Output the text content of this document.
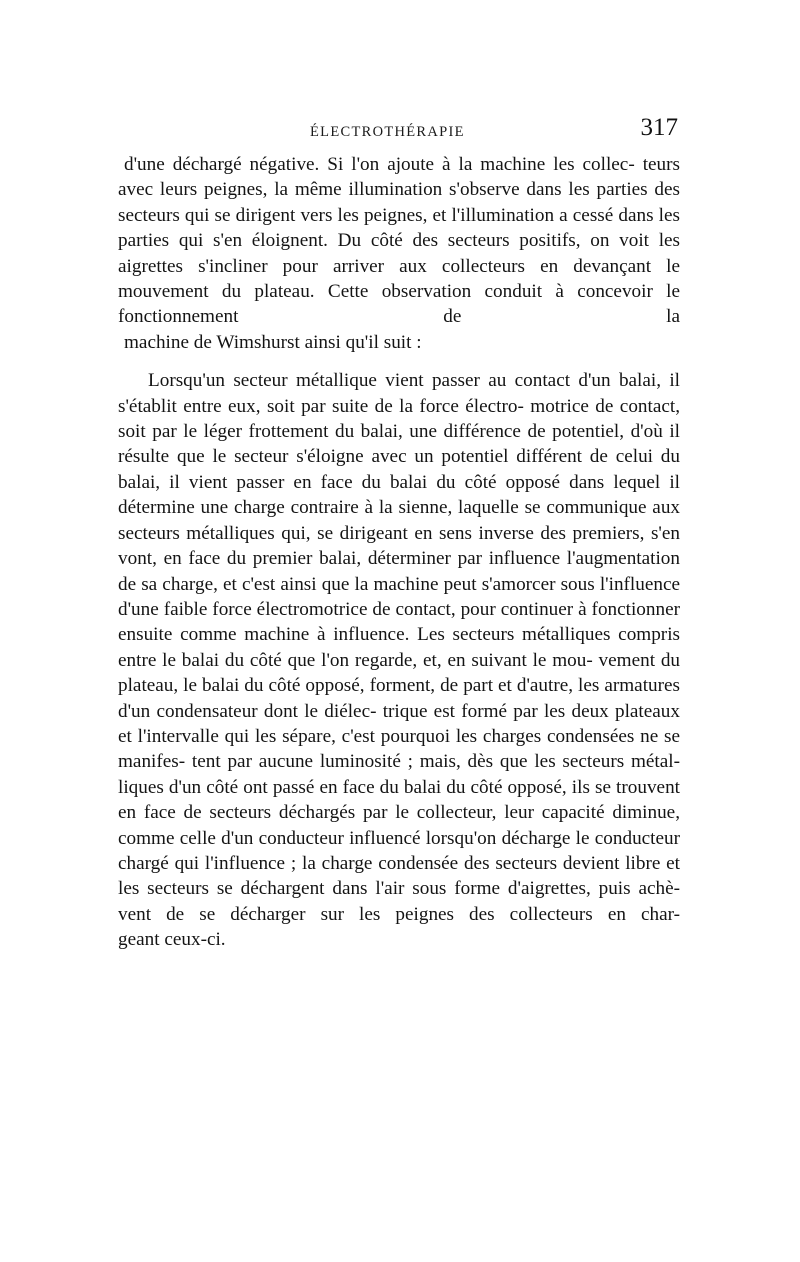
ÉLECTROTHÉRAPIE	317

d'une déchargé négative. Si l'on ajoute à la machine les collec- teurs avec leurs peignes, la même illumination s'observe dans les parties des secteurs qui se dirigent vers les peignes, et l'illumination a cessé dans les parties qui s'en éloignent. Du côté des secteurs positifs, on voit les aigrettes s'incliner pour arriver aux collecteurs en devançant le mouvement du plateau. Cette observation conduit à concevoir le fonctionnement de la

machine de Wimshurst ainsi qu'il suit :

Lorsqu'un secteur métallique vient passer au contact d'un balai, il s'établit entre eux, soit par suite de la force électro- motrice de contact, soit par le léger frottement du balai, une différence de potentiel, d'où il résulte que le secteur s'éloigne avec un potentiel différent de celui du balai, il vient passer en face du balai du côté opposé dans lequel il détermine une charge contraire à la sienne, laquelle se communique aux secteurs métalliques qui, se dirigeant en sens inverse des premiers, s'en vont, en face du premier balai, déterminer par influence l'augmentation de sa charge, et c'est ainsi que la machine peut s'amorcer sous l'influence d'une faible force électromotrice de contact, pour continuer à fonctionner ensuite comme machine à influence. Les secteurs métalliques compris entre le balai du côté que l'on regarde, et, en suivant le mou- vement du plateau, le balai du côté opposé, forment, de part et d'autre, les armatures d'un condensateur dont le diélec- trique est formé par les deux plateaux et l'intervalle qui les sépare, c'est pourquoi les charges condensées ne se manifes- tent par aucune luminosité ; mais, dès que les secteurs métal- liques d'un côté ont passé en face du balai du côté opposé, ils se trouvent en face de secteurs déchargés par le collecteur, leur capacité diminue, comme celle d'un conducteur influencé lorsqu'on décharge le conducteur chargé qui l'influence ; la charge condensée des secteurs devient libre et les secteurs se déchargent dans l'air sous forme d'aigrettes, puis achè- vent de se décharger sur les peignes des collecteurs en char-

geant ceux-ci.
